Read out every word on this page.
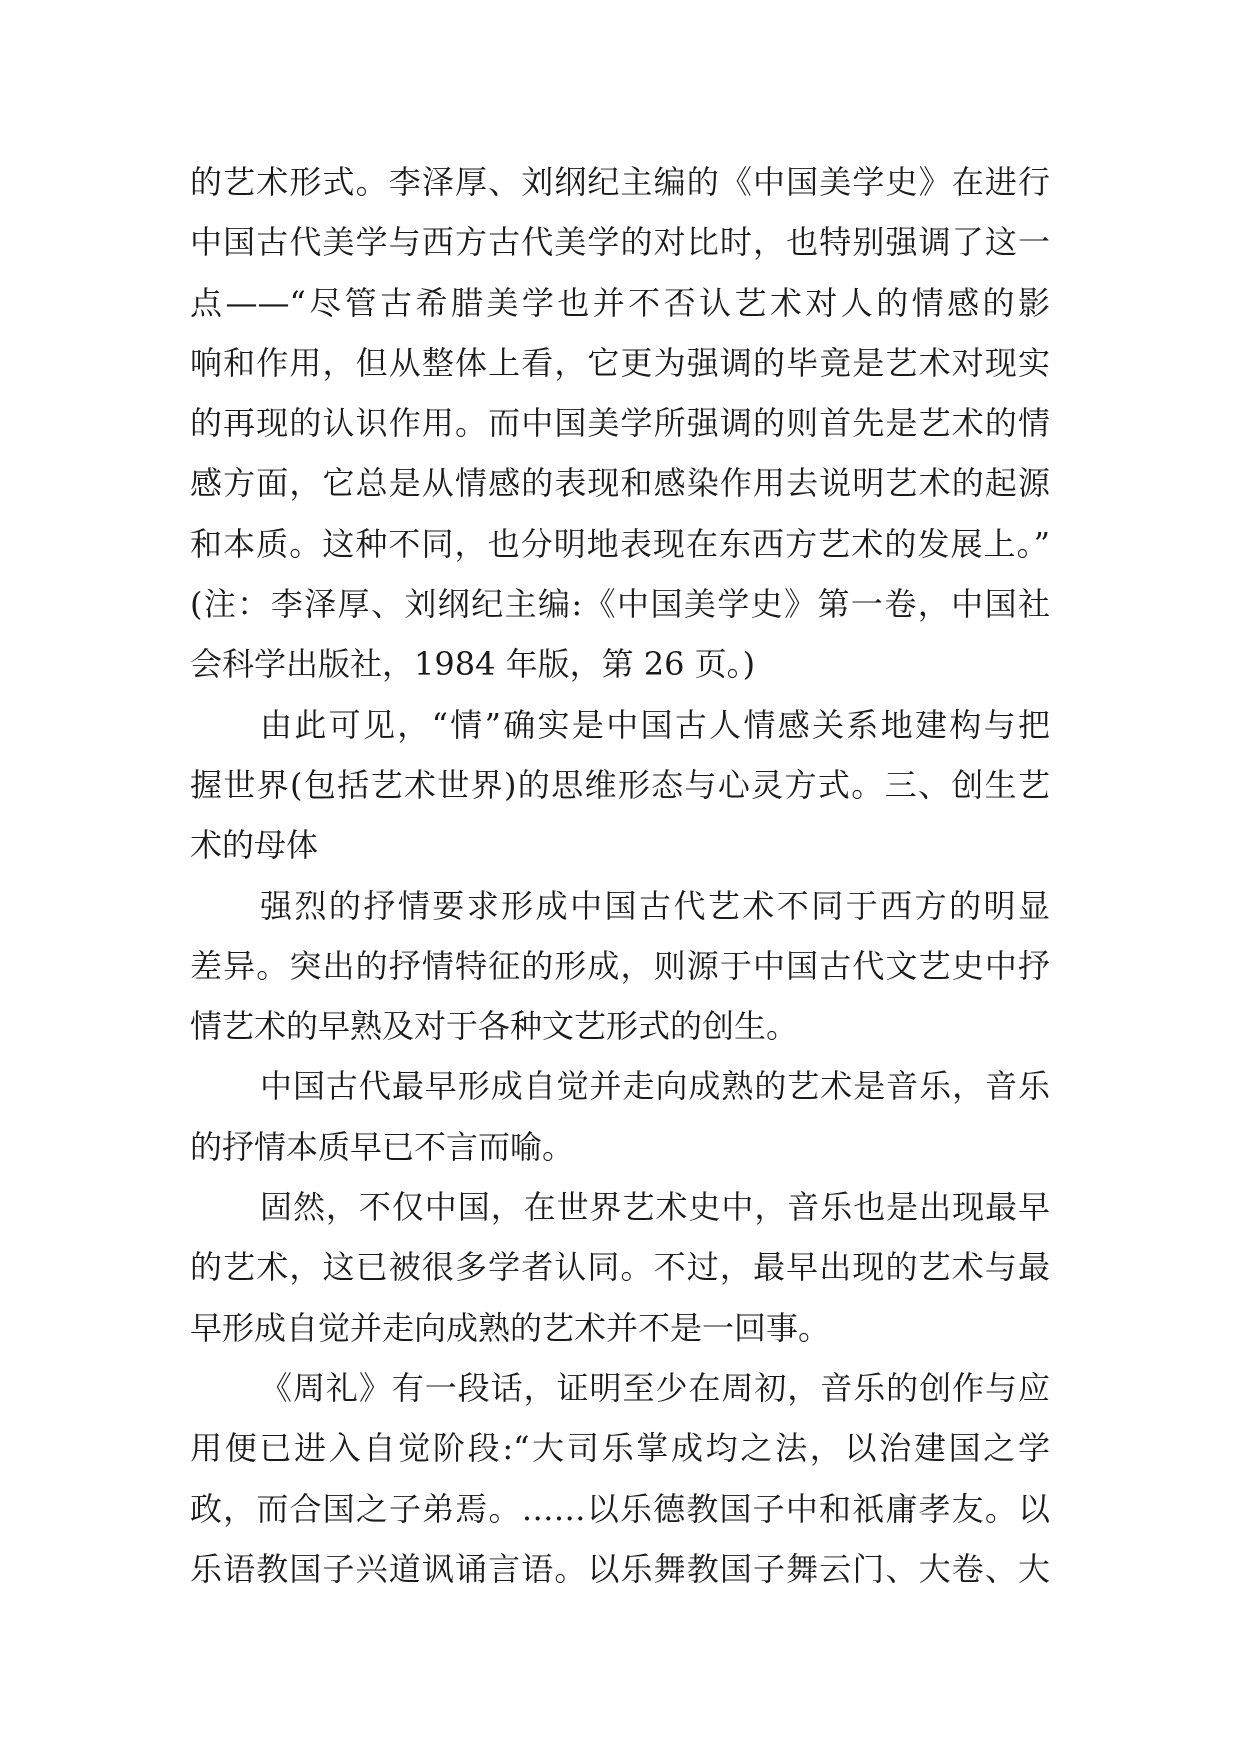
的艺术形式。李泽厚、刘纲纪主编的《中国美学史》在进行
中国古代美学与西方古代美学的对比时，也特别强调了这一
点——“尽管古希腊美学也并不否认艺术对人的情感的影
响和作用，但从整体上看，它更为强调的毕竟是艺术对现实
的再现的认识作用。而中国美学所强调的则首先是艺术的情
感方面，它总是从情感的表现和感染作用去说明艺术的起源
和本质。这种不同，也分明地表现在东西方艺术的发展上。”
(注：李泽厚、刘纲纪主编:《中国美学史》第一卷，中国社
会科学出版社，1984 年版，第 26 页。)
由此可见，“情”确实是中国古人情感关系地建构与把
握世界(包括艺术世界)的思维形态与心灵方式。三、创生艺
术的母体
强烈的抒情要求形成中国古代艺术不同于西方的明显
差异。突出的抒情特征的形成，则源于中国古代文艺史中抒
情艺术的早熟及对于各种文艺形式的创生。
中国古代最早形成自觉并走向成熟的艺术是音乐，音乐
的抒情本质早已不言而喻。
固然，不仅中国，在世界艺术史中，音乐也是出现最早
的艺术，这已被很多学者认同。不过，最早出现的艺术与最
早形成自觉并走向成熟的艺术并不是一回事。
《周礼》有一段话，证明至少在周初，音乐的创作与应
用便已进入自觉阶段:“大司乐掌成均之法，以治建国之学
政，而合国之子弟焉。……以乐德教国子中和祇庸孝友。以
乐语教国子兴道讽诵言语。以乐舞教国子舞云门、大卷、大
